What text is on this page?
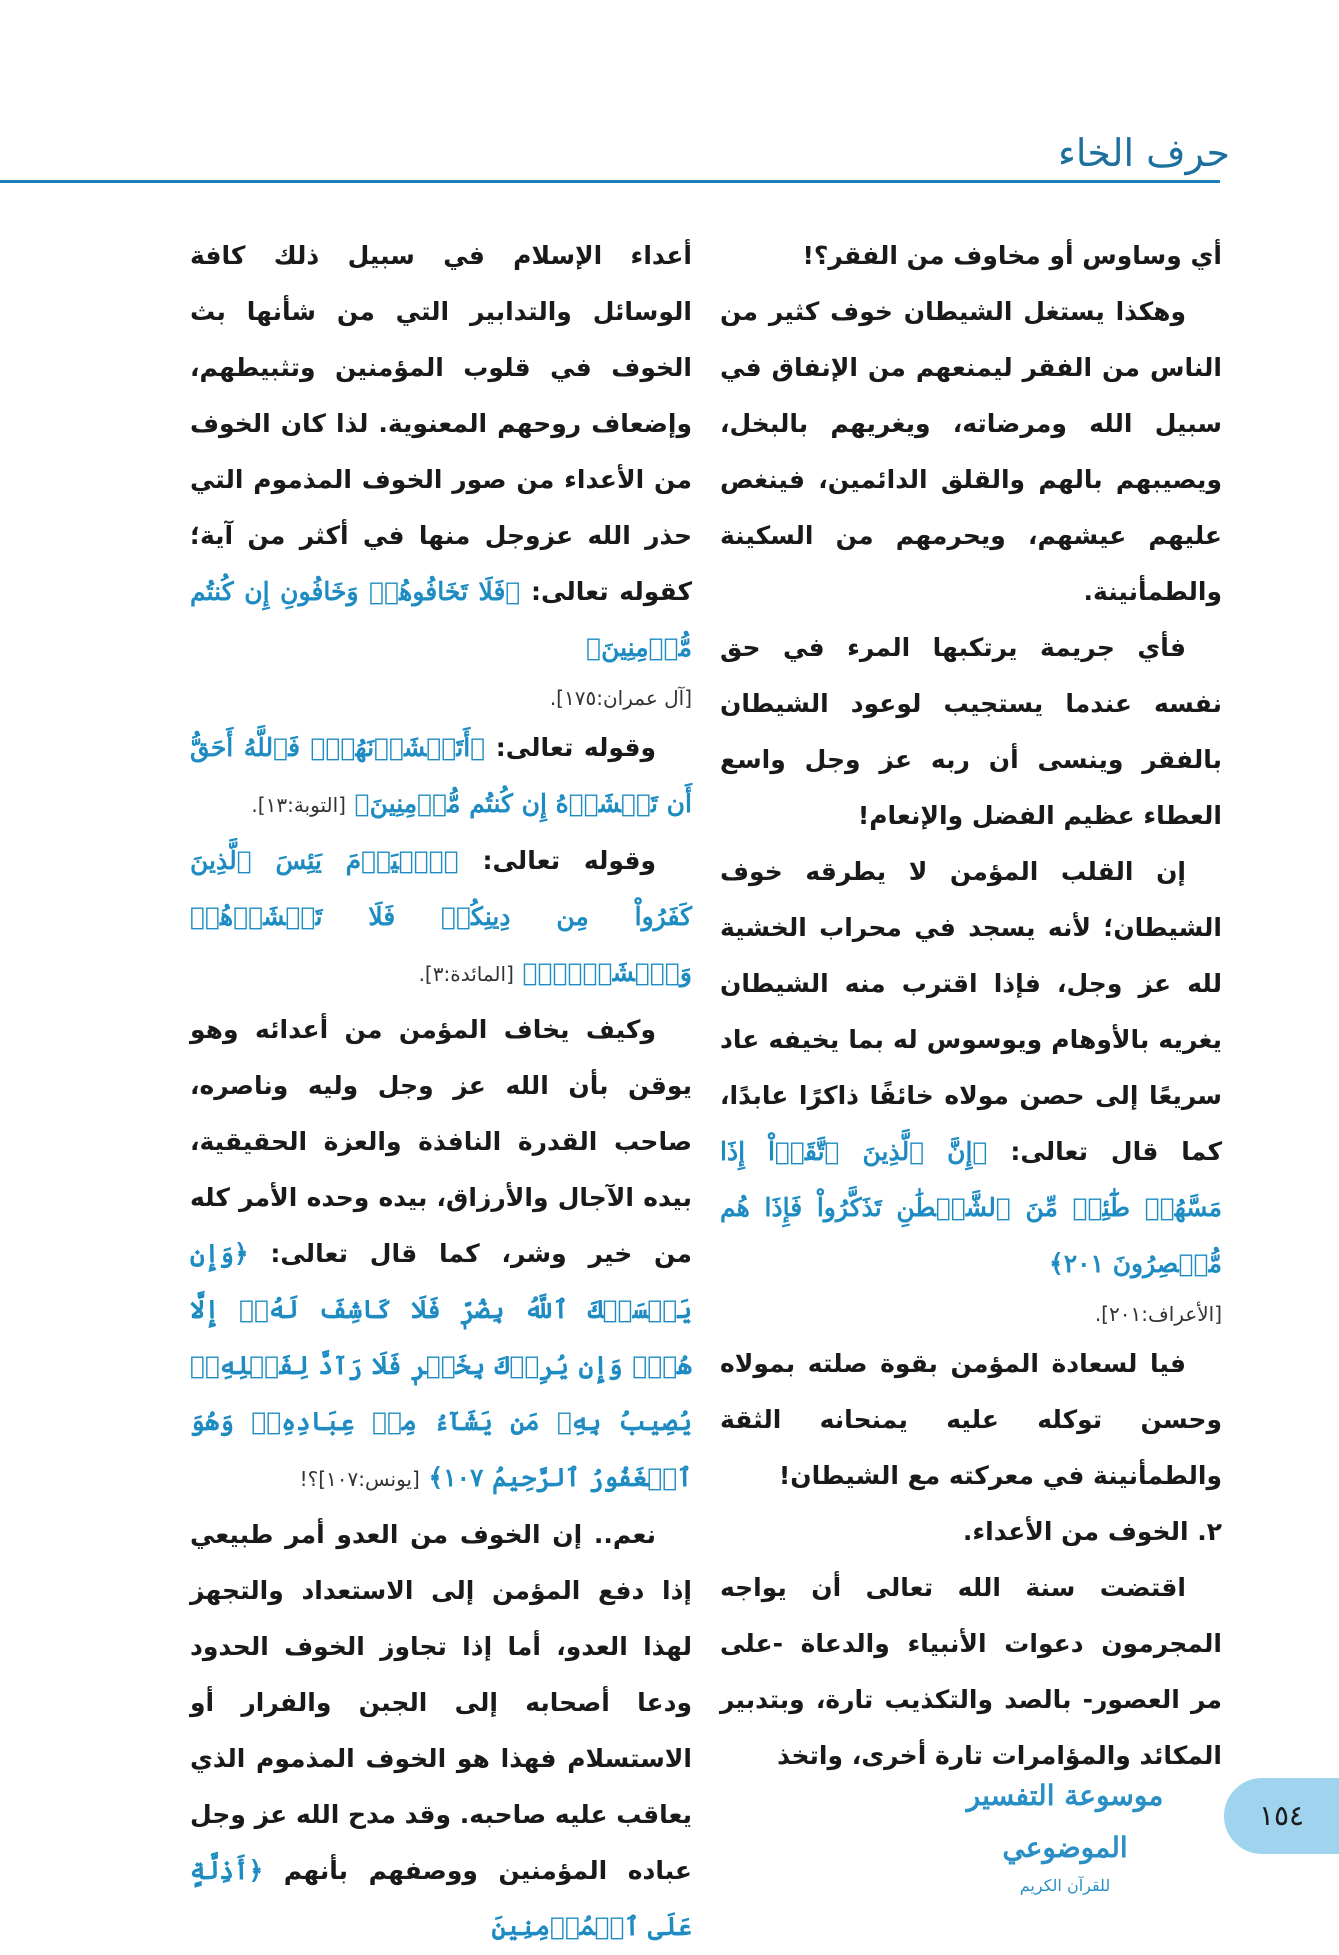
حرف الخاء

أي وساوس أو مخاوف من الفقر؟!

وهكذا يستغل الشيطان خوف كثير من الناس من الفقر ليمنعهم من الإنفاق في سبيل الله ومرضاته، ويغريهم بالبخل، ويصيبهم بالهم والقلق الدائمين، فينغص عليهم عيشهم، ويحرمهم من السكينة والطمأنينة.

فأي جريمة يرتكبها المرء في حق نفسه عندما يستجيب لوعود الشيطان بالفقر وينسى أن ربه عز وجل واسع العطاء عظيم الفضل والإنعام!

إن القلب المؤمن لا يطرقه خوف الشيطان؛ لأنه يسجد في محراب الخشية لله عز وجل، فإذا اقترب منه الشيطان يغريه بالأوهام ويوسوس له بما يخيفه عاد سريعًا إلى حصن مولاه خائفًا ذاكرًا عابدًا، كما قال تعالى: ﴿إِنَّ ٱلَّذِينَ ٱتَّقَوۡاْ إِذَا مَسَّهُمۡ طَٰٓئِفٞ مِّنَ ٱلشَّيۡطَٰنِ تَذَكَّرُواْ فَإِذَا هُم مُّبۡصِرُونَ ٢٠١﴾

[الأعراف:٢٠١].

فيا لسعادة المؤمن بقوة صلته بمولاه وحسن توكله عليه يمنحانه الثقة والطمأنينة في معركته مع الشيطان!

٢. الخوف من الأعداء.

اقتضت سنة الله تعالى أن يواجه المجرمون دعوات الأنبياء والدعاة -على مر العصور- بالصد والتكذيب تارة، وبتدبير المكائد والمؤامرات تارة أخرى، واتخذ

أعداء الإسلام في سبيل ذلك كافة الوسائل والتدابير التي من شأنها بث الخوف في قلوب المؤمنين وتثبيطهم، وإضعاف روحهم المعنوية. لذا كان الخوف من الأعداء من صور الخوف المذموم التي حذر الله عزوجل منها في أكثر من آية؛ كقوله تعالى: ﴿فَلَا تَخَافُوهُمۡ وَخَافُونِ إِن كُنتُم مُّؤۡمِنِينَ﴾

[آل عمران:١٧٥].

وقوله تعالى: ﴿أَتَخۡشَوۡنَهُمۡۚ فَٱللَّهُ أَحَقُّ أَن تَخۡشَوۡهُ إِن كُنتُم مُّؤۡمِنِينَ﴾ [التوبة:١٣].

وقوله تعالى: ﴿ٱلۡيَوۡمَ يَئِسَ ٱلَّذِينَ كَفَرُواْ مِن دِينِكُمۡ فَلَا تَخۡشَوۡهُمۡ وَٱخۡشَوۡنِۚ﴾ [المائدة:٣].

وكيف يخاف المؤمن من أعدائه وهو يوقن بأن الله عز وجل وليه وناصره، صاحب القدرة النافذة والعزة الحقيقية، بيده الآجال والأرزاق، بيده وحده الأمر كله من خير وشر، كما قال تعالى: ﴿وَإِن يَمۡسَسۡكَ ٱللَّهُ بِضُرّٖ فَلَا كَاشِفَ لَهُۥٓ إِلَّا هُوَۖ وَإِن يُرِدۡكَ بِخَيۡرٖ فَلَا رَآدَّ لِفَضۡلِهِۦۚ يُصِيبُ بِهِۦ مَن يَشَآءُ مِنۡ عِبَادِهِۦۚ وَهُوَ ٱلۡغَفُورُ ٱلرَّحِيمُ ١٠٧﴾ [يونس:١٠٧]؟!

نعم.. إن الخوف من العدو أمر طبيعي إذا دفع المؤمن إلى الاستعداد والتجهز لهذا العدو، أما إذا تجاوز الخوف الحدود ودعا أصحابه إلى الجبن والفرار أو الاستسلام فهذا هو الخوف المذموم الذي يعاقب عليه صاحبه. وقد مدح الله عز وجل عباده المؤمنين ووصفهم بأنهم ﴿أَذِلَّةٍ عَلَى ٱلۡمُؤۡمِنِينَ

١٥٤
موسوعة التفسير الموضوعي
للقرآن الكريم
